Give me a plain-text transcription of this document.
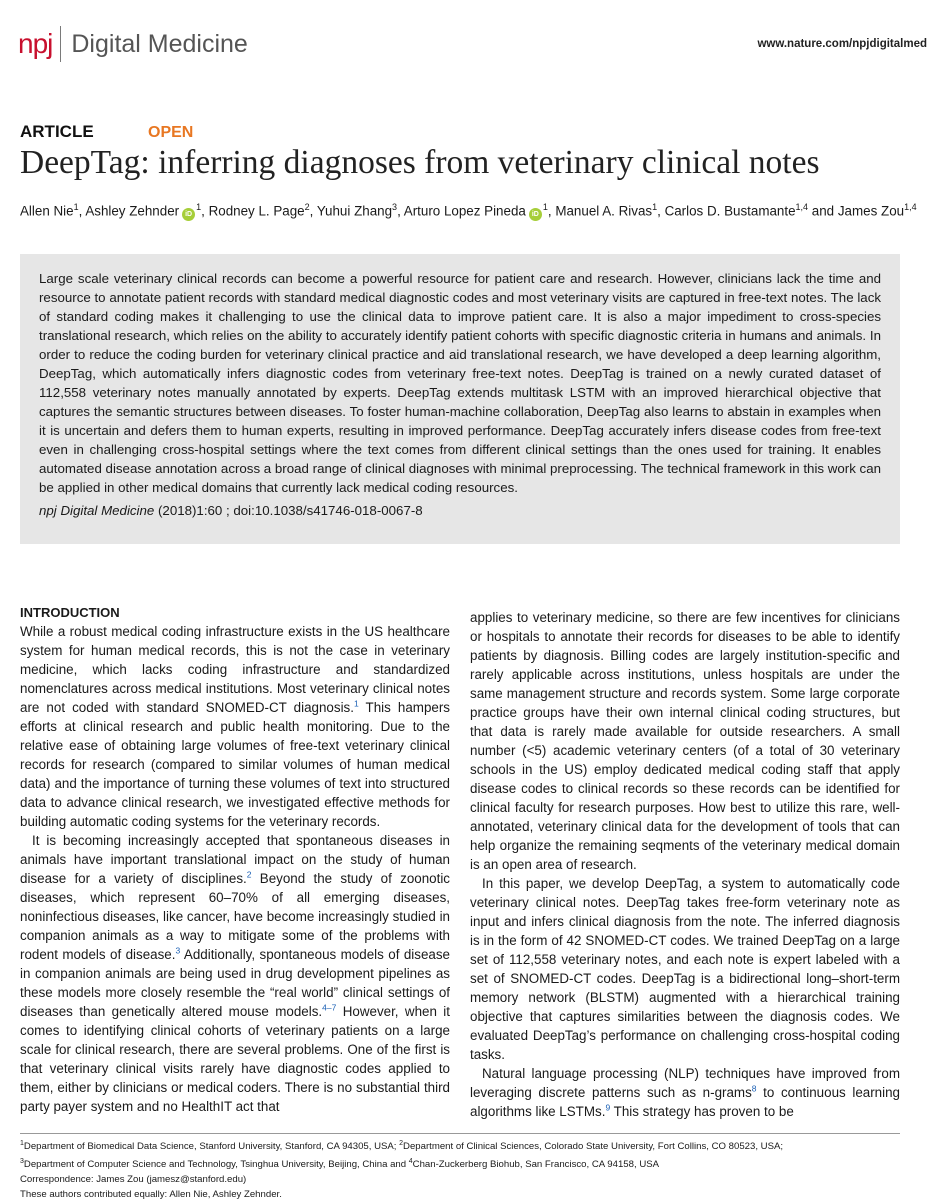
npj Digital Medicine	www.nature.com/npjdigitalmed
ARTICLE	OPEN
DeepTag: inferring diagnoses from veterinary clinical notes
Allen Nie$^1$, Ashley Zehnder $iD^1$, Rodney L. Page$^2$, Yuhui Zhang$^3$, Arturo Lopez Pineda $iD^1$, Manuel A. Rivas$^1$, Carlos D. Bustamante$^{1,4}$ and James Zou$^{1,4}$

Large scale veterinary clinical records can become a powerful resource for patient care and research. However, clinicians lack the time and resource to annotate patient records with standard medical diagnostic codes and most veterinary visits are captured in free-text notes. The lack of standard coding makes it challenging to use the clinical data to improve patient care. It is also a major impediment to cross-species translational research, which relies on the ability to accurately identify patient cohorts with specific diagnostic criteria in humans and animals. In order to reduce the coding burden for veterinary clinical practice and aid translational research, we have developed a deep learning algorithm, DeepTag, which automatically infers diagnostic codes from veterinary free-text notes. DeepTag is trained on a newly curated dataset of 112,558 veterinary notes manually annotated by experts. DeepTag extends multitask LSTM with an improved hierarchical objective that captures the semantic structures between diseases. To foster human-machine collaboration, DeepTag also learns to abstain in examples when it is uncertain and defers them to human experts, resulting in improved performance. DeepTag accurately infers disease codes from free-text even in challenging cross-hospital settings where the text comes from different clinical settings than the ones used for training. It enables automated disease annotation across a broad range of clinical diagnoses with minimal preprocessing. The technical framework in this work can be applied in other medical domains that currently lack medical coding resources.

npj Digital Medicine (2018)1:60 ; doi:10.1038/s41746-018-0067-8
INTRODUCTION

While a robust medical coding infrastructure exists in the US healthcare system for human medical records, this is not the case in veterinary medicine, which lacks coding infrastructure and standardized nomenclatures across medical institutions. Most veterinary clinical notes are not coded with standard SNOMED-CT diagnosis.$^1$ This hampers efforts at clinical research and public health monitoring. Due to the relative ease of obtaining large volumes of free-text veterinary clinical records for research (compared to similar volumes of human medical data) and the importance of turning these volumes of text into structured data to advance clinical research, we investigated effective methods for building automatic coding systems for the veterinary records.

It is becoming increasingly accepted that spontaneous diseases in animals have important translational impact on the study of human disease for a variety of disciplines.$^2$ Beyond the study of zoonotic diseases, which represent 60–70% of all emerging diseases, noninfectious diseases, like cancer, have become increasingly studied in companion animals as a way to mitigate some of the problems with rodent models of disease.$^3$ Additionally, spontaneous models of disease in companion animals are being used in drug development pipelines as these models more closely resemble the “real world” clinical settings of diseases than genetically altered mouse models.$^{4-7}$ However, when it comes to identifying clinical cohorts of veterinary patients on a large scale for clinical research, there are several problems. One of the first is that veterinary clinical visits rarely have diagnostic codes applied to them, either by clinicians or medical coders. There is no substantial third party payer system and no HealthIT act that

applies to veterinary medicine, so there are few incentives for clinicians or hospitals to annotate their records for diseases to be able to identify patients by diagnosis. Billing codes are largely institution-specific and rarely applicable across institutions, unless hospitals are under the same management structure and records system. Some large corporate practice groups have their own internal clinical coding structures, but that data is rarely made available for outside researchers. A small number (<5) academic veterinary centers (of a total of 30 veterinary schools in the US) employ dedicated medical coding staff that apply disease codes to clinical records so these records can be identified for clinical faculty for research purposes. How best to utilize this rare, well-annotated, veterinary clinical data for the development of tools that can help organize the remaining seqments of the veterinary medical domain is an open area of research.

In this paper, we develop DeepTag, a system to automatically code veterinary clinical notes. DeepTag takes free-form veterinary note as input and infers clinical diagnosis from the note. The inferred diagnosis is in the form of 42 SNOMED-CT codes. We trained DeepTag on a large set of 112,558 veterinary notes, and each note is expert labeled with a set of SNOMED-CT codes. DeepTag is a bidirectional long–short-term memory network (BLSTM) augmented with a hierarchical training objective that captures similarities between the diagnosis codes. We evaluated DeepTag’s performance on challenging cross-hospital coding tasks.

Natural language processing (NLP) techniques have improved from leveraging discrete patterns such as n-grams$^8$ to continuous learning algorithms like LSTMs.$^9$ This strategy has proven to be

$^1$Department of Biomedical Data Science, Stanford University, Stanford, CA 94305, USA; $^2$Department of Clinical Sciences, Colorado State University, Fort Collins, CO 80523, USA;
$^3$Department of Computer Science and Technology, Tsinghua University, Beijing, China and $^4$Chan-Zuckerberg Biohub, San Francisco, CA 94158, USA
Correspondence: James Zou (jamesz@stanford.edu)
These authors contributed equally: Allen Nie, Ashley Zehnder.
